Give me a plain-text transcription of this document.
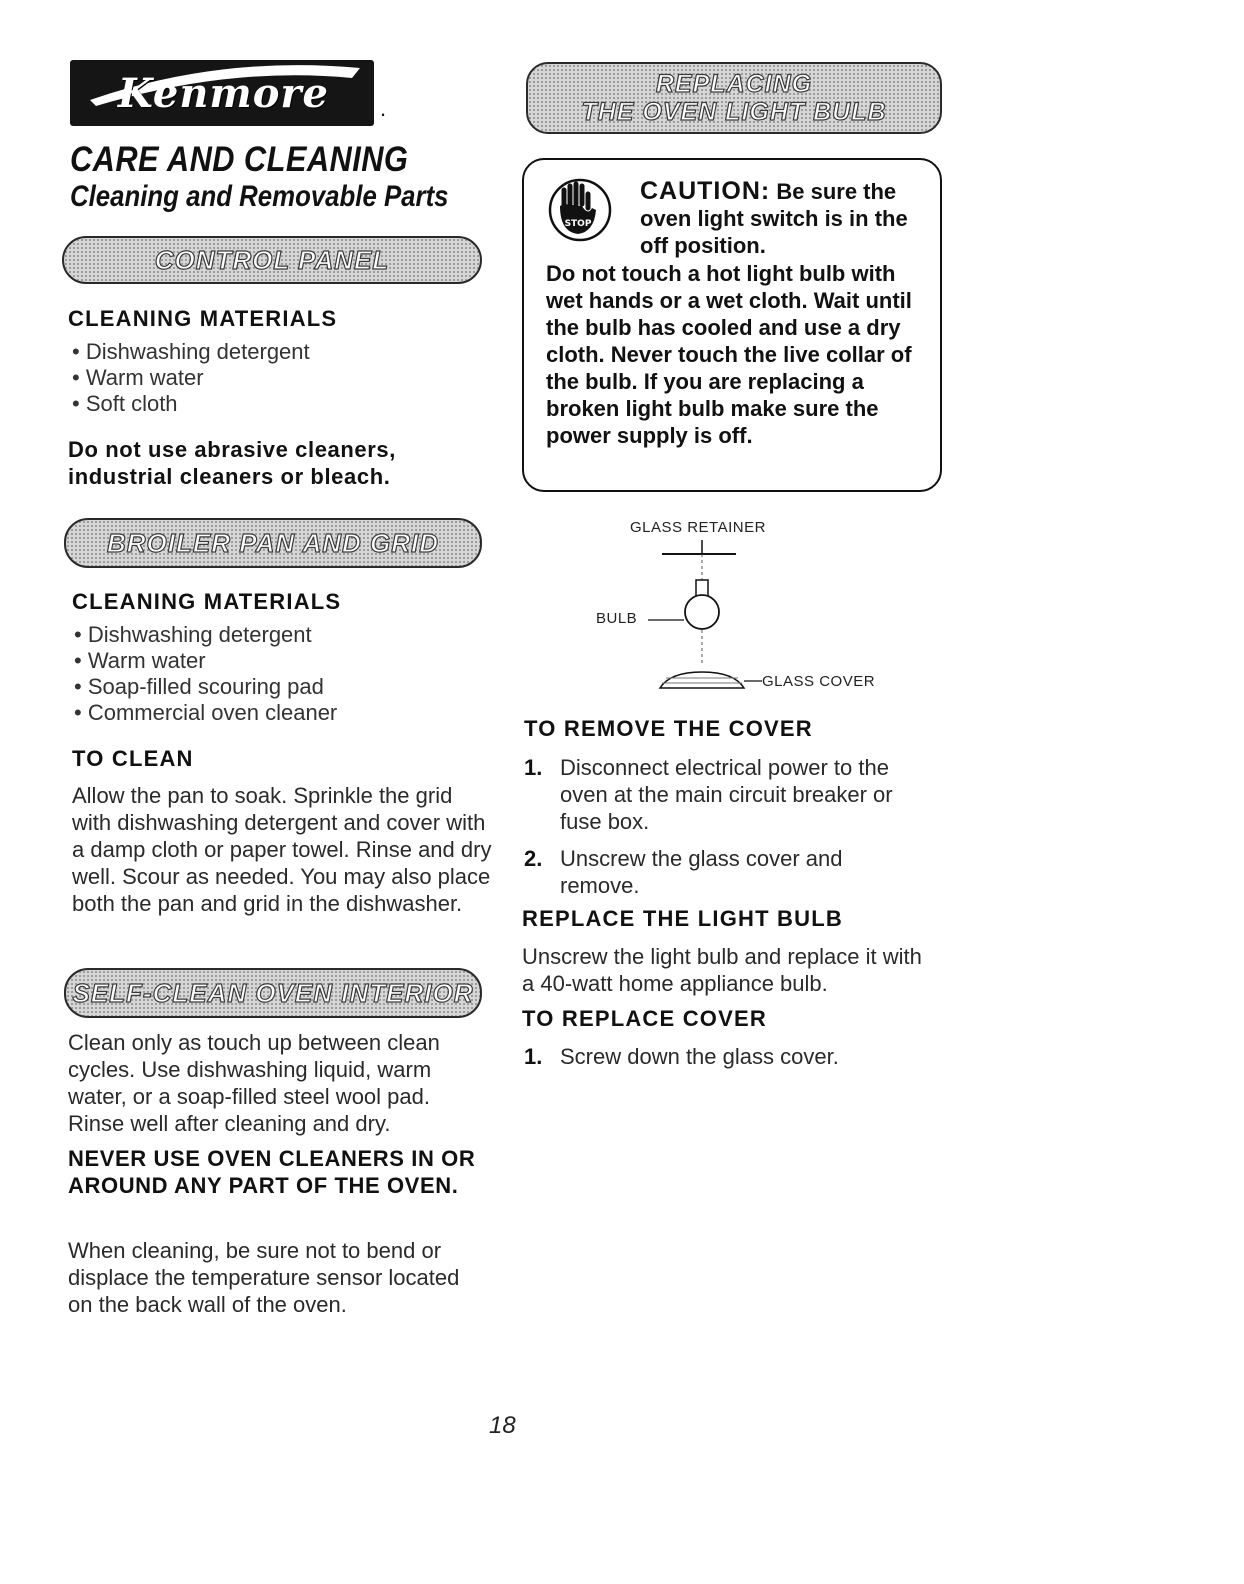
Kenmore .
CARE AND CLEANING
Cleaning and Removable Parts
CONTROL PANEL
CLEANING MATERIALS
• Dishwashing detergent
• Warm water
• Soft cloth
Do not use abrasive cleaners, industrial cleaners or bleach.
BROILER PAN AND GRID
CLEANING MATERIALS
• Dishwashing detergent
• Warm water
• Soap-filled scouring pad
• Commercial oven cleaner
TO CLEAN
Allow the pan to soak. Sprinkle the grid with dishwashing detergent and cover with a damp cloth or paper towel. Rinse and dry well. Scour as needed. You may also place both the pan and grid in the dishwasher.
SELF-CLEAN OVEN INTERIOR
Clean only as touch up between clean cycles. Use dishwashing liquid, warm water, or a soap-filled steel wool pad. Rinse well after cleaning and dry.
NEVER USE OVEN CLEANERS IN OR AROUND ANY PART OF THE OVEN.
When cleaning, be sure not to bend or displace the temperature sensor located on the back wall of the oven.
REPLACING
THE OVEN LIGHT BULB
STOP
CAUTION: Be sure the oven light switch is in the off position.
Do not touch a hot light bulb with wet hands or a wet cloth. Wait until the bulb has cooled and use a dry cloth. Never touch the live collar of the bulb. If you are replacing a broken light bulb make sure the power supply is off.
GLASS RETAINER
BULB
GLASS COVER
TO REMOVE THE COVER
1. Disconnect electrical power to the oven at the main circuit breaker or fuse box.
2. Unscrew the glass cover and remove.
REPLACE THE LIGHT BULB
Unscrew the light bulb and replace it with a 40-watt home appliance bulb.
TO REPLACE COVER
1. Screw down the glass cover.
18
